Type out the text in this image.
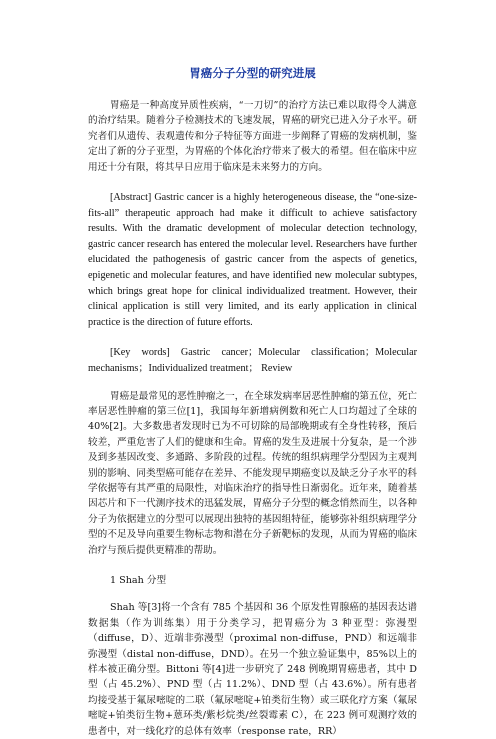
胃癌分子分型的研究进展

胃癌是一种高度异质性疾病，“一刀切”的治疗方法已难以取得令人满意的治疗结果。随着分子检测技术的飞速发展，胃癌的研究已进入分子水平。研究者们从遗传、表观遗传和分子特征等方面进一步阐释了胃癌的发病机制，鉴定出了新的分子亚型，为胃癌的个体化治疗带来了极大的希望。但在临床中应用还十分有限，将其早日应用于临床是未来努力的方向。

[Abstract] Gastric cancer is a highly heterogeneous disease, the “one-size-fits-all” therapeutic approach had make it difficult to achieve satisfactory results. With the dramatic development of molecular detection technology, gastric cancer research has entered the molecular level. Researchers have further elucidated the pathogenesis of gastric cancer from the aspects of genetics, epigenetic and molecular features, and have identified new molecular subtypes, which brings great hope for clinical individualized treatment. However, their clinical application is still very limited, and its early application in clinical practice is the direction of future efforts.

[Key words] Gastric cancer；Molecular classification；Molecular mechanisms；Individualized treatment； Review

胃癌是最常见的恶性肿瘤之一，在全球发病率居恶性肿瘤的第五位，死亡率居恶性肿瘤的第三位[1]，我国每年新增病例数和死亡人口均超过了全球的40%[2]。大多数患者发现时已为不可切除的局部晚期或有全身性转移，预后较差，严重危害了人们的健康和生命。胃癌的发生及进展十分复杂，是一个涉及到多基因改变、多通路、多阶段的过程。传统的组织病理学分型因为主观判别的影响、同类型癌可能存在差异、不能发现早期癌变以及缺乏分子水平的科学依据等有其严重的局限性，对临床治疗的指导性日渐弱化。近年来，随着基因芯片和下一代测序技术的迅猛发展，胃癌分子分型的概念悄然而生，以各种分子为依据建立的分型可以展现出独特的基因组特征，能够弥补组织病理学分型的不足及导向重要生物标志物和潜在分子新靶标的发现，从而为胃癌的临床治疗与预后提供更精准的帮助。

1 Shah 分型

Shah 等[3]将一个含有 785 个基因和 36 个原发性胃腺癌的基因表达谱数据集（作为训练集）用于分类学习，把胃癌分为 3 种亚型：弥漫型（diffuse，D）、近端非弥漫型（proximal non-diffuse，PND）和远端非弥漫型（distal non-diffuse，DND）。在另一个独立验证集中，85%以上的样本被正确分型。Bittoni 等[4]进一步研究了 248 例晚期胃癌患者，其中 D 型（占 45.2%）、PND 型（占 11.2%）、DND 型（占 43.6%）。所有患者均接受基于氟尿嘧啶的二联（氟尿嘧啶+铂类衍生物）或三联化疗方案（氟尿嘧啶+铂类衍生物+蒽环类/紫杉烷类/丝裂霉素 C），在 223 例可观测疗效的患者中，对一线化疗的总体有效率（response rate，RR）
